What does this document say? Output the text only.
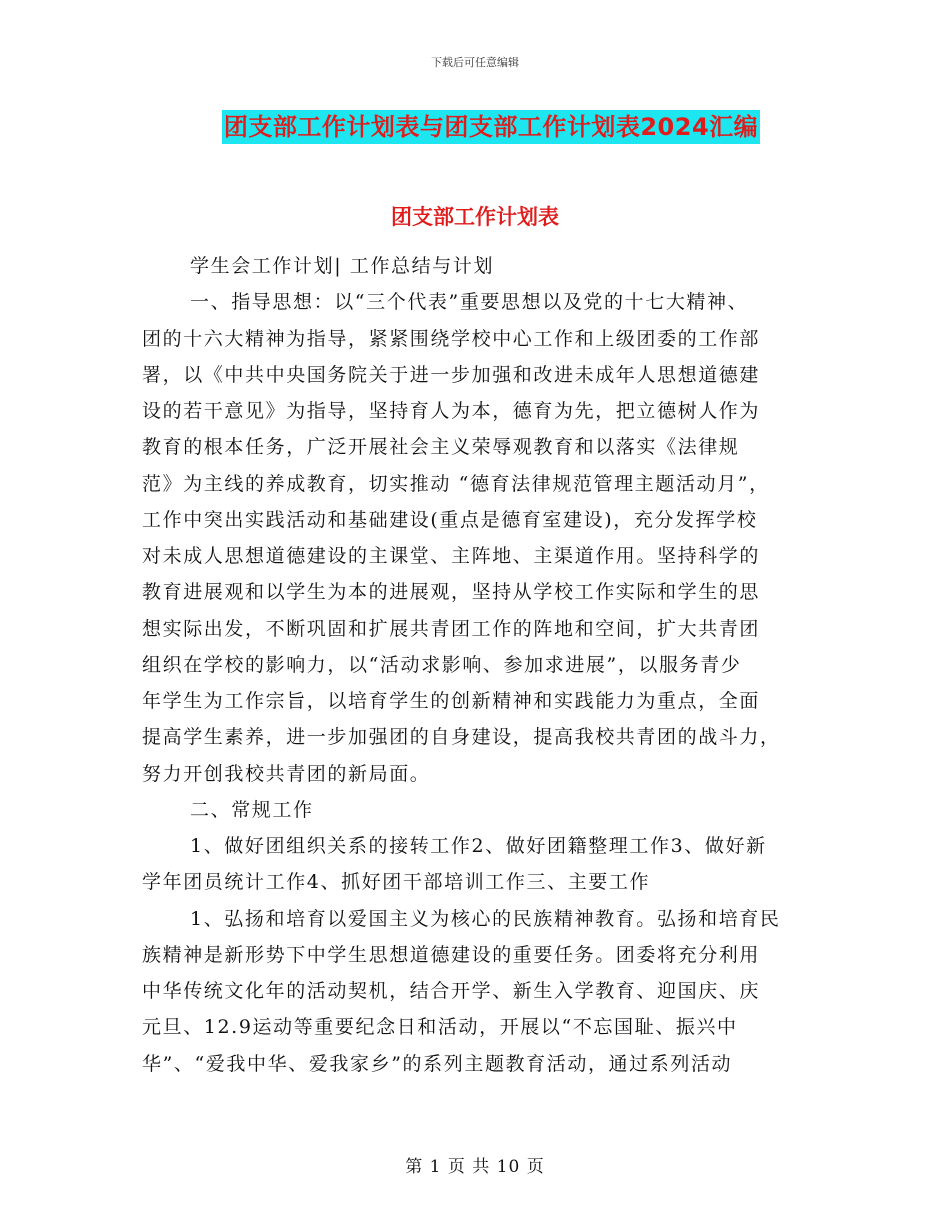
下载后可任意编辑
团支部工作计划表与团支部工作计划表2024汇编
团支部工作计划表
学生会工作计划| 工作总结与计划
一、指导思想：以“三个代表”重要思想以及党的十七大精神、
团的十六大精神为指导，紧紧围绕学校中心工作和上级团委的工作部
署，以《中共中央国务院关于进一步加强和改进未成年人思想道德建
设的若干意见》为指导，坚持育人为本，德育为先，把立德树人作为
教育的根本任务，广泛开展社会主义荣辱观教育和以落实《法律规
范》为主线的养成教育，切实推动 “德育法律规范管理主题活动月”，
工作中突出实践活动和基础建设(重点是德育室建设)，充分发挥学校
对未成人思想道德建设的主课堂、主阵地、主渠道作用。坚持科学的
教育进展观和以学生为本的进展观，坚持从学校工作实际和学生的思
想实际出发，不断巩固和扩展共青团工作的阵地和空间，扩大共青团
组织在学校的影响力，以“活动求影响、参加求进展”，以服务青少
年学生为工作宗旨，以培育学生的创新精神和实践能力为重点，全面
提高学生素养，进一步加强团的自身建设，提高我校共青团的战斗力，
努力开创我校共青团的新局面。
二、常规工作
1、做好团组织关系的接转工作2、做好团籍整理工作3、做好新
学年团员统计工作4、抓好团干部培训工作三、主要工作
1、弘扬和培育以爱国主义为核心的民族精神教育。弘扬和培育民
族精神是新形势下中学生思想道德建设的重要任务。团委将充分利用
中华传统文化年的活动契机，结合开学、新生入学教育、迎国庆、庆
元旦、12.9运动等重要纪念日和活动，开展以“不忘国耻、振兴中
华”、“爱我中华、爱我家乡”的系列主题教育活动，通过系列活动
第 1 页 共 10 页
